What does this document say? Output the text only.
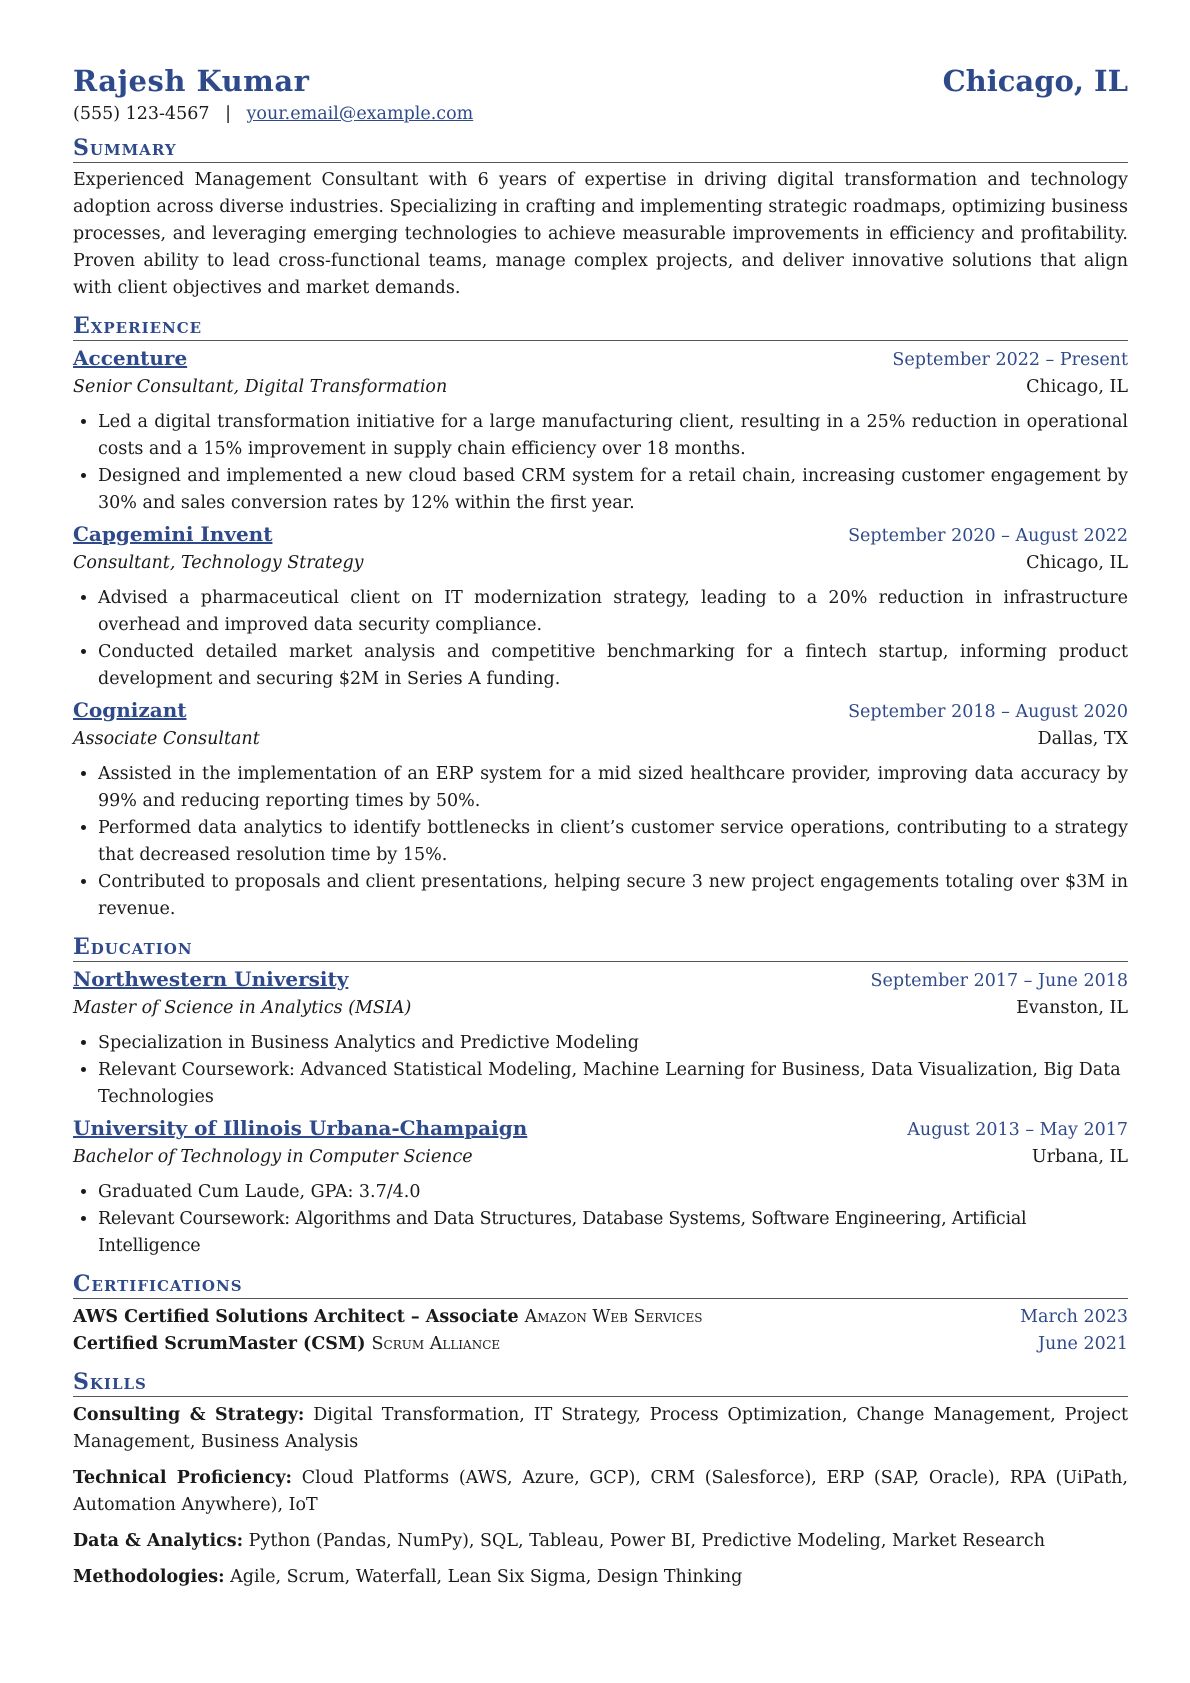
Rajesh Kumar	Chicago, IL
(555) 123-4567 | your.email@example.com
Summary
Experienced Management Consultant with 6 years of expertise in driving digital transformation and technology adoption across diverse industries. Specializing in crafting and implementing strategic roadmaps, optimizing business processes, and leveraging emerging technologies to achieve measurable improvements in efficiency and profitability. Proven ability to lead cross-functional teams, manage complex projects, and deliver innovative solutions that align with client objectives and market demands.
Experience
Accenture	September 2022 – Present
Senior Consultant, Digital Transformation	Chicago, IL
• Led a digital transformation initiative for a large manufacturing client, resulting in a 25% reduction in operational costs and a 15% improvement in supply chain efficiency over 18 months.
• Designed and implemented a new cloud based CRM system for a retail chain, increasing customer engagement by 30% and sales conversion rates by 12% within the first year.
Capgemini Invent	September 2020 – August 2022
Consultant, Technology Strategy	Chicago, IL
• Advised a pharmaceutical client on IT modernization strategy, leading to a 20% reduction in infrastructure overhead and improved data security compliance.
• Conducted detailed market analysis and competitive benchmarking for a fintech startup, informing product development and securing $2M in Series A funding.
Cognizant	September 2018 – August 2020
Associate Consultant	Dallas, TX
• Assisted in the implementation of an ERP system for a mid sized healthcare provider, improving data accuracy by 99% and reducing reporting times by 50%.
• Performed data analytics to identify bottlenecks in client’s customer service operations, contributing to a strategy that decreased resolution time by 15%.
• Contributed to proposals and client presentations, helping secure 3 new project engagements totaling over $3M in revenue.
Education
Northwestern University	September 2017 – June 2018
Master of Science in Analytics (MSIA)	Evanston, IL
• Specialization in Business Analytics and Predictive Modeling
• Relevant Coursework: Advanced Statistical Modeling, Machine Learning for Business, Data Visualization, Big Data Technologies
University of Illinois Urbana-Champaign	August 2013 – May 2017
Bachelor of Technology in Computer Science	Urbana, IL
• Graduated Cum Laude, GPA: 3.7/4.0
• Relevant Coursework: Algorithms and Data Structures, Database Systems, Software Engineering, Artificial Intelligence
Certifications
AWS Certified Solutions Architect – Associate Amazon Web Services	March 2023
Certified ScrumMaster (CSM) Scrum Alliance	June 2021
Skills
Consulting & Strategy: Digital Transformation, IT Strategy, Process Optimization, Change Management, Project Management, Business Analysis
Technical Proficiency: Cloud Platforms (AWS, Azure, GCP), CRM (Salesforce), ERP (SAP, Oracle), RPA (UiPath, Automation Anywhere), IoT
Data & Analytics: Python (Pandas, NumPy), SQL, Tableau, Power BI, Predictive Modeling, Market Research
Methodologies: Agile, Scrum, Waterfall, Lean Six Sigma, Design Thinking
